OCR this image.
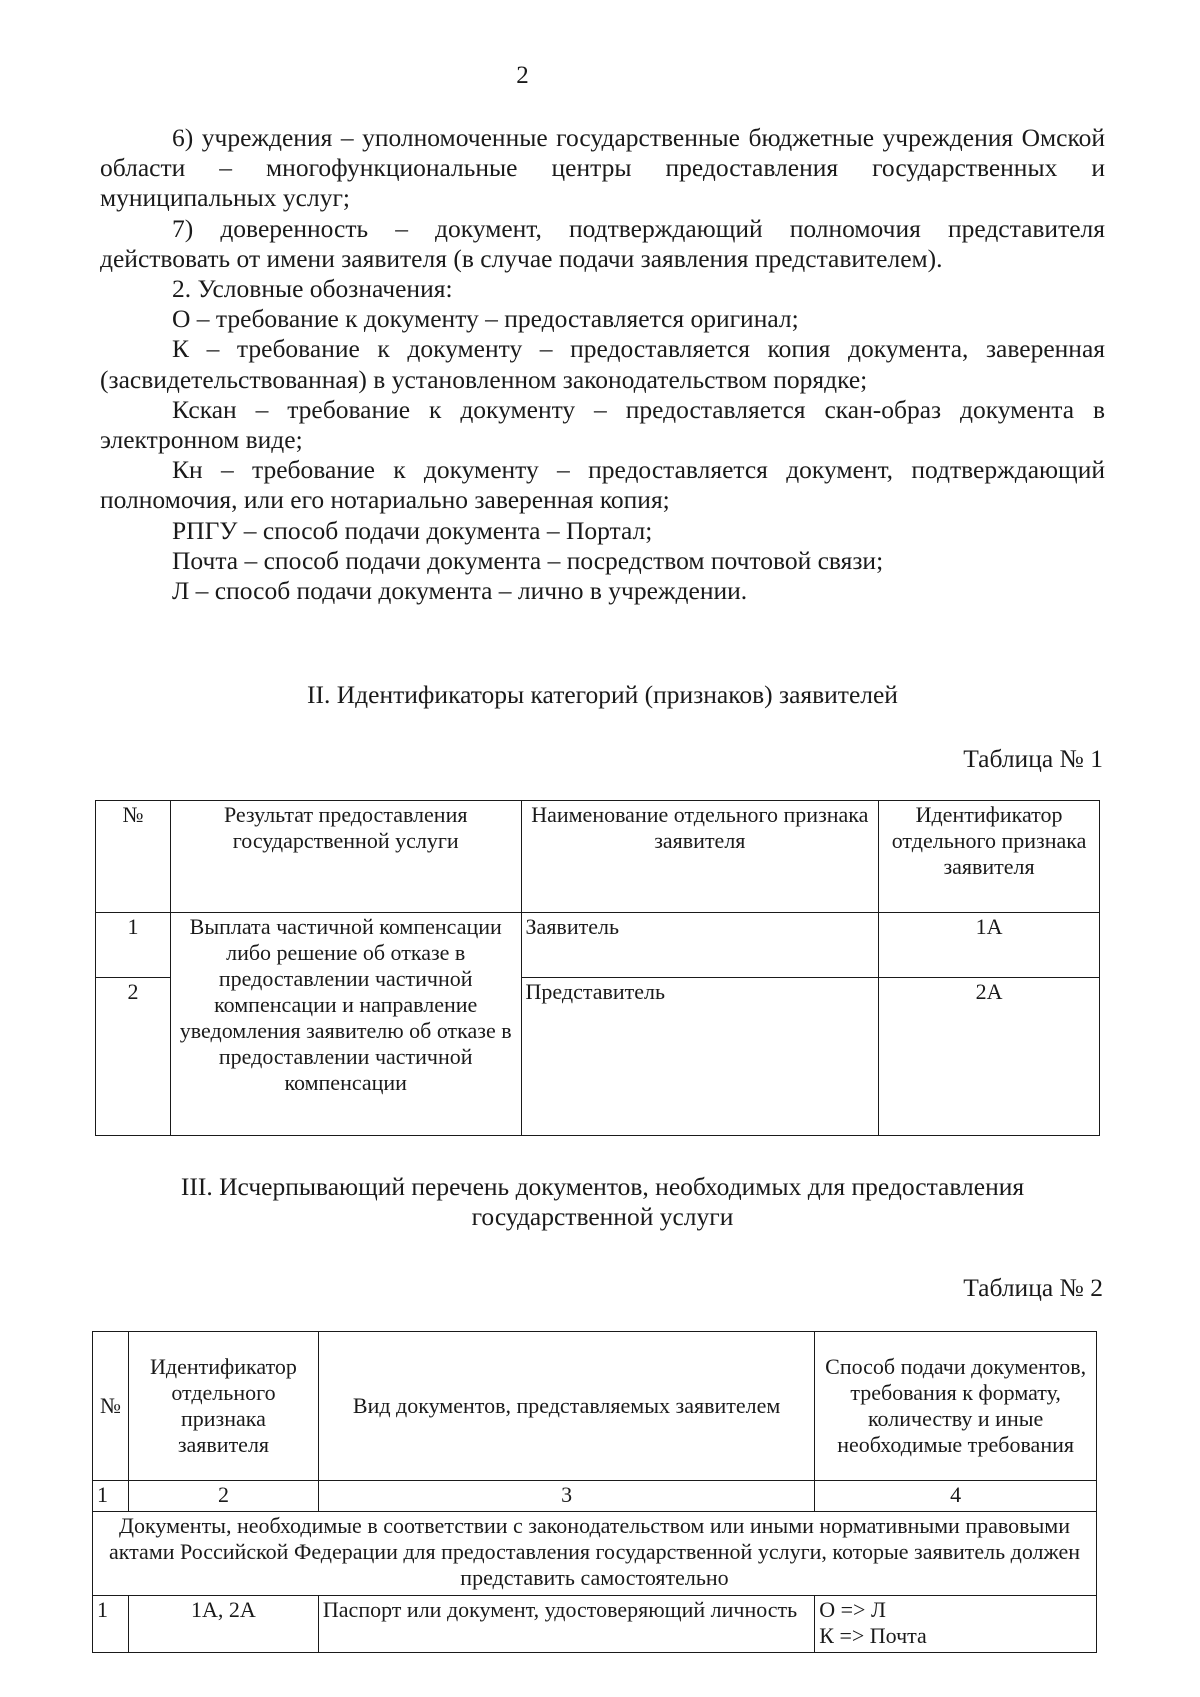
2

6) учреждения – уполномоченные государственные бюджетные учреждения Омской области – многофункциональные центры предоставления государственных и муниципальных услуг;

7) доверенность – документ, подтверждающий полномочия представителя действовать от имени заявителя (в случае подачи заявления представителем).

2. Условные обозначения:

О – требование к документу – предоставляется оригинал;

К – требование к документу – предоставляется копия документа, заверенная (засвидетельствованная) в установленном законодательством порядке;

Кскан – требование к документу – предоставляется скан-образ документа в электронном виде;

Кн – требование к документу – предоставляется документ, подтверждающий полномочия, или его нотариально заверенная копия;

РПГУ – способ подачи документа – Портал;

Почта – способ подачи документа – посредством почтовой связи;

Л – способ подачи документа – лично в учреждении.

II. Идентификаторы категорий (признаков) заявителей

Таблица № 1
№	Результат предоставления государственной услуги	Наименование отдельного признака заявителя	Идентификатор отдельного признака заявителя
1	Выплата частичной компенсации либо решение об отказе в предоставлении частичной компенсации и направление уведомления заявителю об отказе в предоставлении частичной компенсации	Заявитель	1А
2		Представитель	2А

III. Исчерпывающий перечень документов, необходимых для предоставления государственной услуги

Таблица № 2
№	Идентификатор отдельного признака заявителя	Вид документов, представляемых заявителем	Способ подачи документов, требования к формату, количеству и иные необходимые требования
1	2	3	4
Документы, необходимые в соответствии с законодательством или иными нормативными правовыми актами Российской Федерации для предоставления государственной услуги, которые заявитель должен представить самостоятельно			
1	1А, 2А	Паспорт или документ, удостоверяющий личность	О => Л
К => Почта
